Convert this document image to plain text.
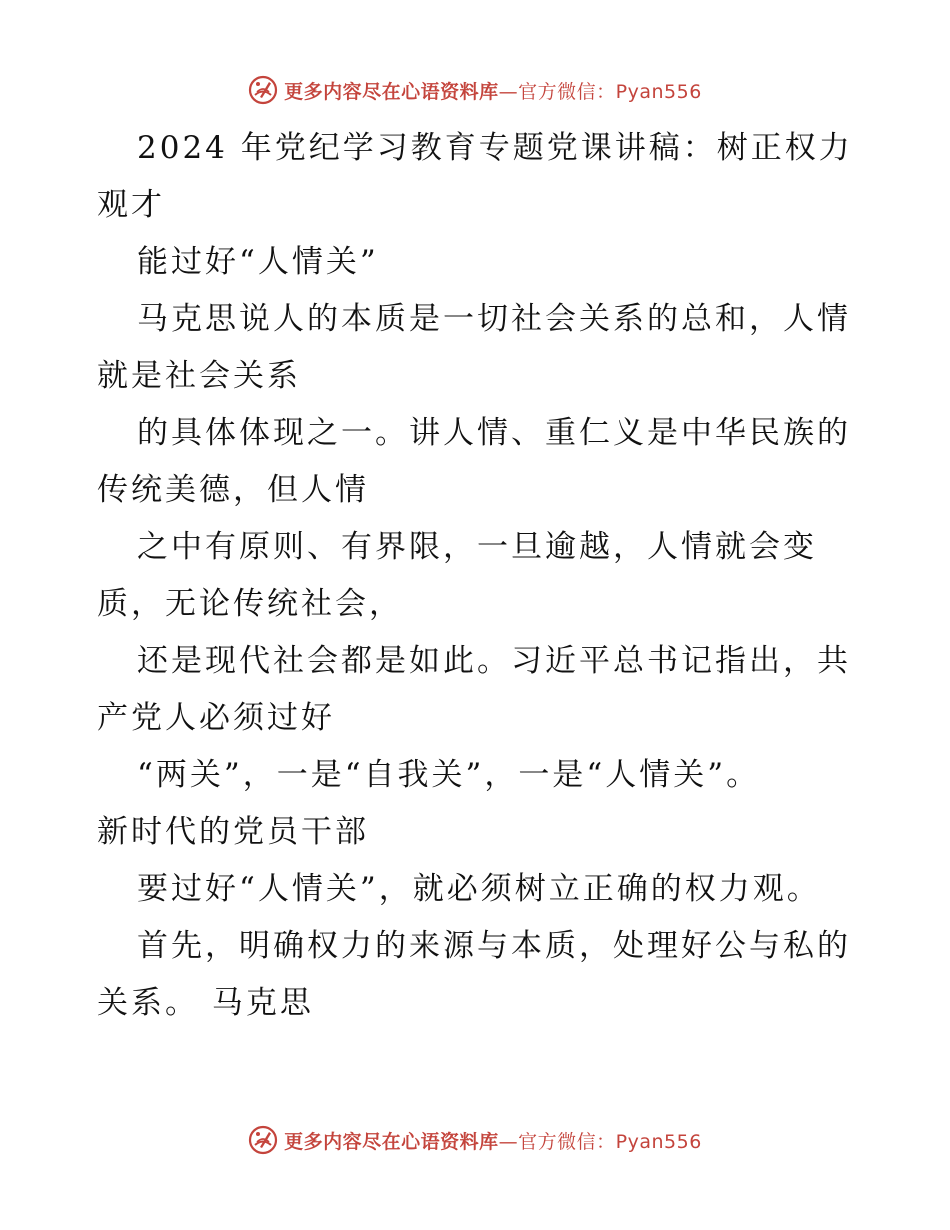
更多内容尽在心语资料库—官方微信：Pyan556
2024 年党纪学习教育专题党课讲稿：树正权力
观才
能过好“人情关”
马克思说人的本质是一切社会关系的总和，人情
就是社会关系
的具体体现之一。讲人情、重仁义是中华民族的
传统美德，但人情
之中有原则、有界限，一旦逾越，人情就会变
质，无论传统社会，
还是现代社会都是如此。习近平总书记指出，共
产党人必须过好
“两关”，一是“自我关”，一是“人情关”。
新时代的党员干部
要过好“人情关”，就必须树立正确的权力观。
首先，明确权力的来源与本质，处理好公与私的
关系。 马克思
更多内容尽在心语资料库—官方微信：Pyan556
